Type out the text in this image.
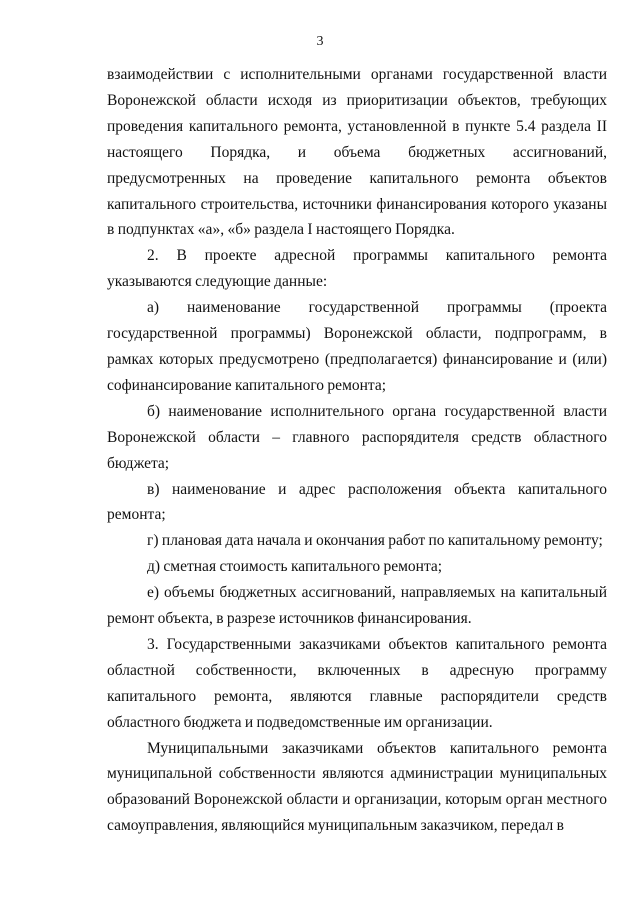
3

взаимодействии с исполнительными органами государственной власти Воронежской области исходя из приоритизации объектов, требующих проведения капитального ремонта, установленной в пункте 5.4 раздела II настоящего Порядка, и объема бюджетных ассигнований, предусмотренных на проведение капитального ремонта объектов капитального строительства, источники финансирования которого указаны в подпунктах «а», «б» раздела I настоящего Порядка.

2. В проекте адресной программы капитального ремонта указываются следующие данные:

а) наименование государственной программы (проекта государственной программы) Воронежской области, подпрограмм, в рамках которых предусмотрено (предполагается) финансирование и (или) софинансирование капитального ремонта;

б) наименование исполнительного органа государственной власти Воронежской области – главного распорядителя средств областного бюджета;

в) наименование и адрес расположения объекта капитального ремонта;

г) плановая дата начала и окончания работ по капитальному ремонту;

д) сметная стоимость капитального ремонта;

е) объемы бюджетных ассигнований, направляемых на капитальный ремонт объекта, в разрезе источников финансирования.

3. Государственными заказчиками объектов капитального ремонта областной собственности, включенных в адресную программу капитального ремонта, являются главные распорядители средств областного бюджета и подведомственные им организации.

Муниципальными заказчиками объектов капитального ремонта муниципальной собственности являются администрации муниципальных образований Воронежской области и организации, которым орган местного самоуправления, являющийся муниципальным заказчиком, передал в
